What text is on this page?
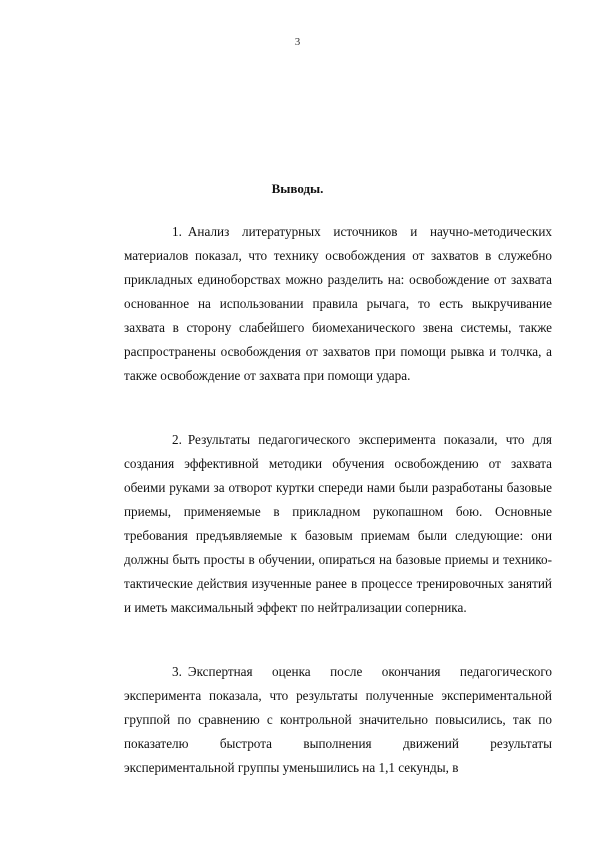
3
Выводы.

1. Анализ литературных источников и научно-методических материалов показал, что технику освобождения от захватов в служебно прикладных единоборствах можно разделить на: освобождение от захвата основанное на использовании правила рычага, то есть выкручивание захвата в сторону слабейшего биомеханического звена системы, также распространены освобождения от захватов при помощи рывка и толчка, а также освобождение от захвата при помощи удара.

2. Результаты педагогического эксперимента показали, что для создания эффективной методики обучения освобождению от захвата обеими руками за отворот куртки спереди нами были разработаны базовые приемы, применяемые в прикладном рукопашном бою. Основные требования предъявляемые к базовым приемам были следующие: они должны быть просты в обучении, опираться на базовые приемы и технико-тактические действия изученные ранее в процессе тренировочных занятий и иметь максимальный эффект по нейтрализации соперника.

3. Экспертная оценка после окончания педагогического эксперимента показала, что результаты полученные экспериментальной группой по сравнению с контрольной значительно повысились, так по показателю быстрота выполнения движений результаты экспериментальной группы уменьшились на 1,1 секунды, в
